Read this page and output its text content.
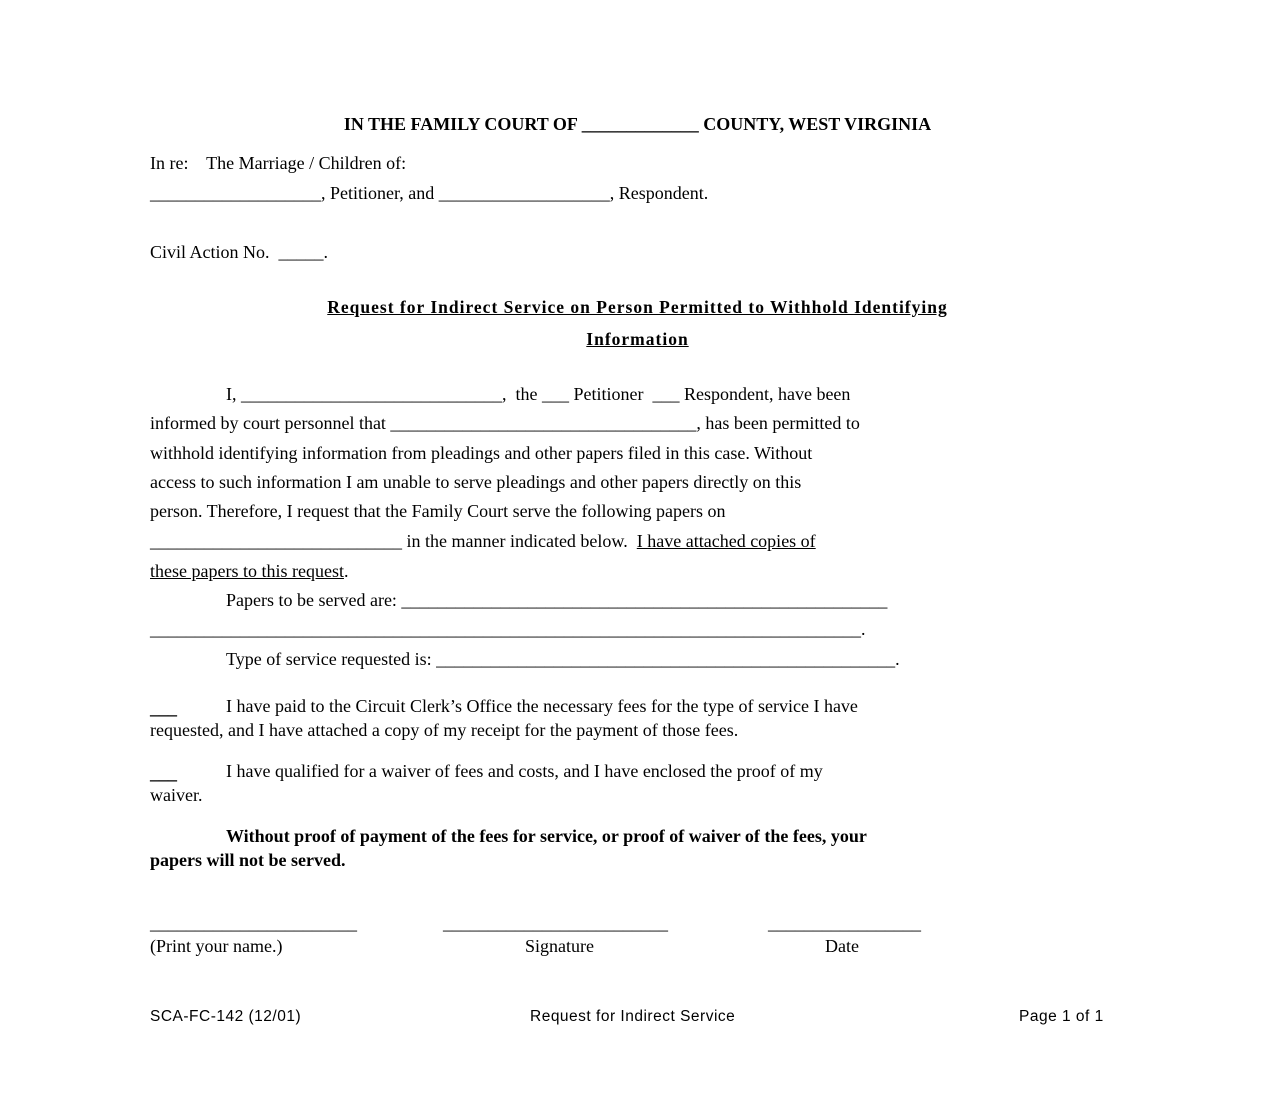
IN THE FAMILY COURT OF _____________ COUNTY, WEST VIRGINIA
In re:    The Marriage / Children of:
___________________, Petitioner, and ___________________, Respondent.
Civil Action No.  _____.
Request for Indirect Service on Person Permitted to Withhold Identifying
Information
I, _____________________________,  the ___ Petitioner  ___ Respondent, have been
informed by court personnel that __________________________________, has been permitted to
withhold identifying information from pleadings and other papers filed in this case. Without
access to such information I am unable to serve pleadings and other papers directly on this
person. Therefore, I request that the Family Court serve the following papers on
____________________________ in the manner indicated below.  I have attached copies of
these papers to this request.
Papers to be served are: ______________________________________________________
_______________________________________________________________________________.
Type of service requested is: ___________________________________________________.
___	I have paid to the Circuit Clerk’s Office the necessary fees for the type of service I have
requested, and I have attached a copy of my receipt for the payment of those fees.
___	I have qualified for a waiver of fees and costs, and I have enclosed the proof of my
waiver.
Without proof of payment of the fees for service, or proof of waiver of the fees, your
papers will not be served.
_______________________	_________________________	_________________
(Print your name.)	Signature	Date
SCA-FC-142 (12/01)	Request for Indirect Service	Page 1 of 1
